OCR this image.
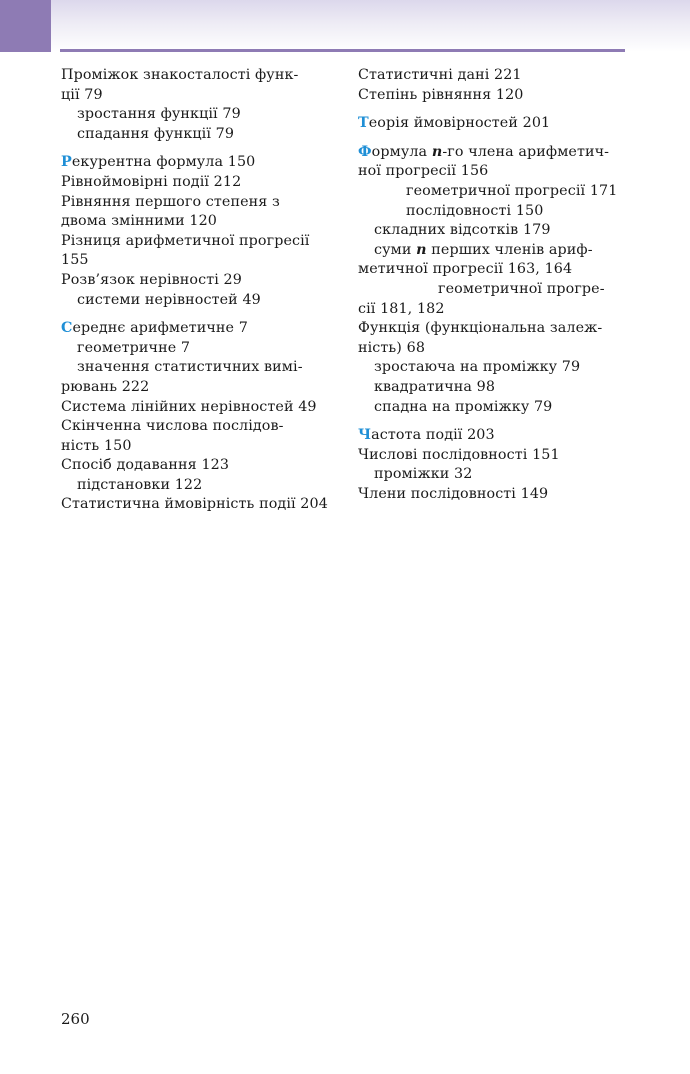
Проміжок знакосталості функ-
ції 79
зростання функції 79
спадання функції 79
Рекурентна формула 150
Рівноймовірні події 212
Рівняння першого степеня з
двома змінними 120
Різниця арифметичної прогресії
155
Розв’язок нерівності 29
системи нерівностей 49
Середнє арифметичне 7
геометричне 7
значення статистичних вимі-
рювань 222
Система лінійних нерівностей 49
Скінченна числова послідов-
ність 150
Спосіб додавання 123
підстановки 122
Статистична ймовірність події 204
Статистичні дані 221
Степінь рівняння 120
Теорія ймовірностей 201
Формула n-го члена арифметич-
ної прогресії 156
геометричної прогресії 171
послідовності 150
складних відсотків 179
суми n перших членів ариф-
метичної прогресії 163, 164
геометричної прогре-
сії 181, 182
Функція (функціональна залеж-
ність) 68
зростаюча на проміжку 79
квадратична 98
спадна на проміжку 79
Частота події 203
Числові послідовності 151
проміжки 32
Члени послідовності 149
260
